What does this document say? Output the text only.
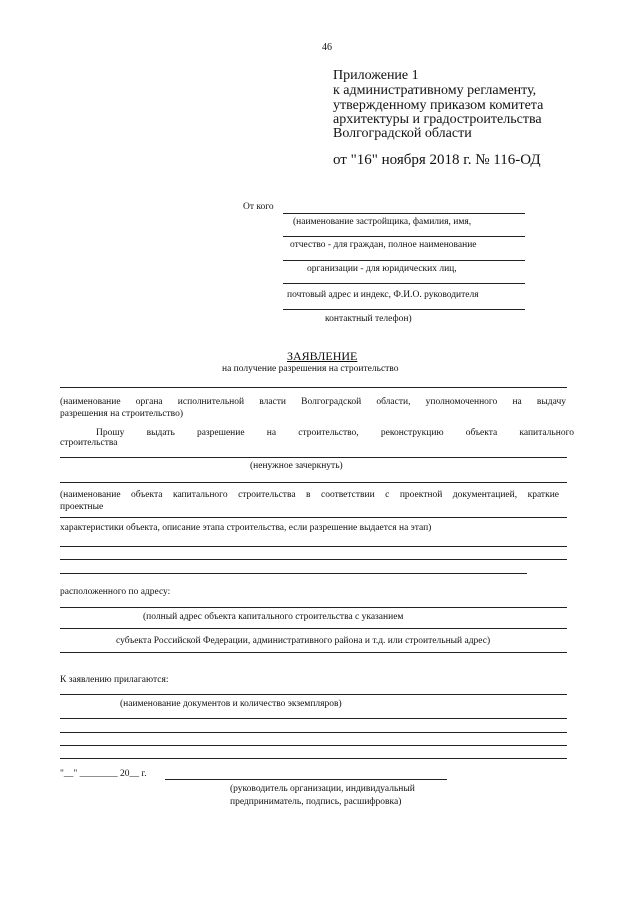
46
Приложение 1
к административному регламенту,
утвержденному приказом комитета
архитектуры и градостроительства
Волгоградской области
от "16" ноября 2018 г. № 116-ОД
От кого
(наименование застройщика, фамилия, имя,
отчество - для граждан, полное наименование
организации - для юридических лиц,
почтовый адрес и индекс, Ф.И.О. руководителя
контактный телефон)
ЗАЯВЛЕНИЕ
на получение разрешения на строительство
(наименование органа исполнительной власти Волгоградской области, уполномоченного на выдачу
разрешения на строительство)
Прошу выдать разрешение на строительство, реконструкцию объекта капитального
строительства
(ненужное зачеркнуть)
(наименование объекта капитального строительства в соответствии с проектной документацией, краткие
проектные
характеристики объекта, описание этапа строительства, если разрешение выдается на этап)
расположенного по адресу:
(полный адрес объекта капитального строительства с указанием
субъекта Российской Федерации, административного района и т.д. или строительный адрес)
К заявлению прилагаются:
(наименование документов и количество экземпляров)
"__" ________ 20__ г.
(руководитель организации, индивидуальный
предприниматель, подпись, расшифровка)
